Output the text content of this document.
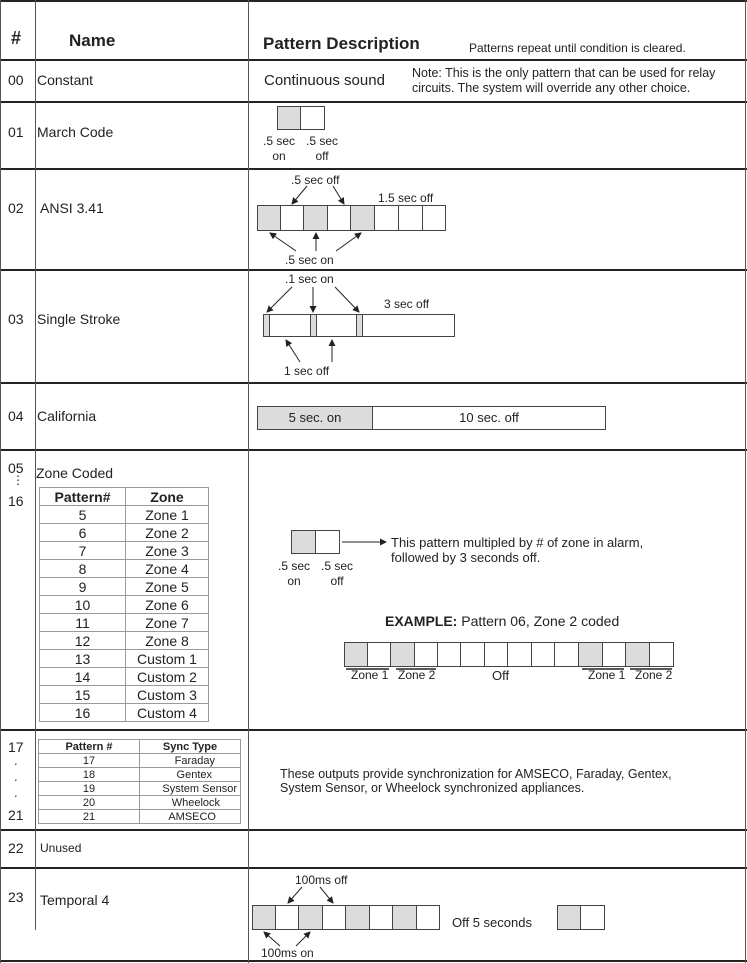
#	Name	Pattern Description	Patterns repeat until condition is cleared.
00 Constant	Continuous sound Note: This is the only pattern that can be used for relay
circuits. The system will override any other choice.
01 March Code
.5 sec
on
.5 sec
off
02 ANSI 3.41
.5 sec off
1.5 sec off
.5 sec on
03 Single Stroke
.1 sec on
3 sec off
1 sec off
04 California	5 sec. on	10 sec. off
05
⋮
16
Zone Coded
Pattern#	Zone
5	Zone 1
6	Zone 2
7	Zone 3
8	Zone 4
9	Zone 5
10	Zone 6
11	Zone 7
12	Zone 8
13	Custom 1
14	Custom 2
15	Custom 3
16	Custom 4
.5 sec
on
.5 sec
off
This pattern multipled by # of zone in alarm,
followed by 3 seconds off.
EXAMPLE: Pattern 06, Zone 2 coded
Zone 1 Zone 2	Off	Zone 1 Zone 2
17
.
.
.
21
Pattern #	Sync Type
17	Faraday
18	Gentex
19	System Sensor
20	Wheelock
21	AMSECO
These outputs provide synchronization for AMSECO, Faraday, Gentex,
System Sensor, or Wheelock synchronized appliances.
22 Unused
23 Temporal 4
100ms off
Off 5 seconds
100ms on
